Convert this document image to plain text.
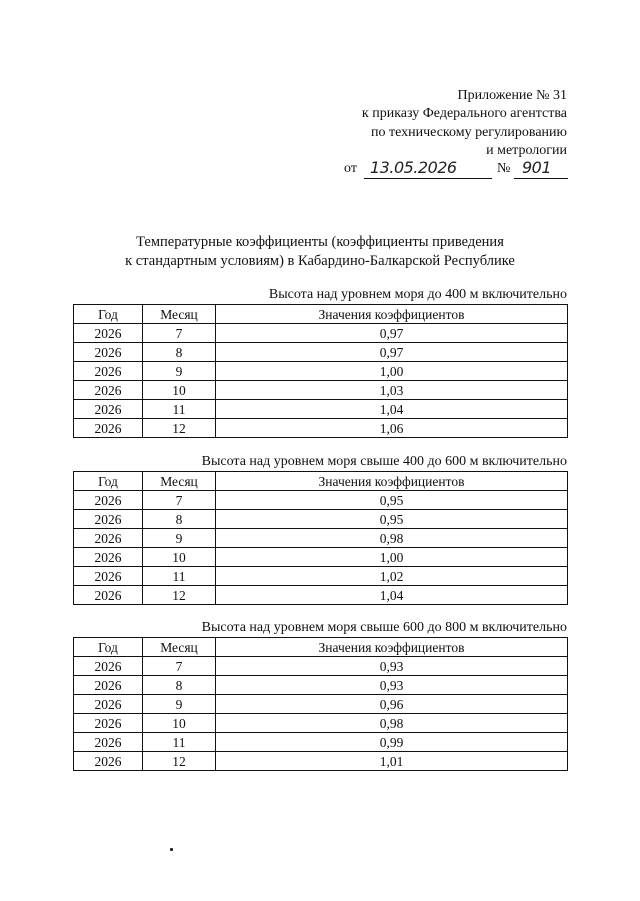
Приложение № 31
к приказу Федерального агентства
по техническому регулированию
и метрологии
от 13.05.2026	№ 901
Температурные коэффициенты (коэффициенты приведения
к стандартным условиям) в Кабардино-Балкарской Республике
Высота над уровнем моря до 400 м включительно
Год	Месяц	Значения коэффициентов
2026	7	0,97
2026	8	0,97
2026	9	1,00
2026	10	1,03
2026	11	1,04
2026	12	1,06
Высота над уровнем моря свыше 400 до 600 м включительно
Год	Месяц	Значения коэффициентов
2026	7	0,95
2026	8	0,95
2026	9	0,98
2026	10	1,00
2026	11	1,02
2026	12	1,04
Высота над уровнем моря свыше 600 до 800 м включительно
Год	Месяц	Значения коэффициентов
2026	7	0,93
2026	8	0,93
2026	9	0,96
2026	10	0,98
2026	11	0,99
2026	12	1,01
